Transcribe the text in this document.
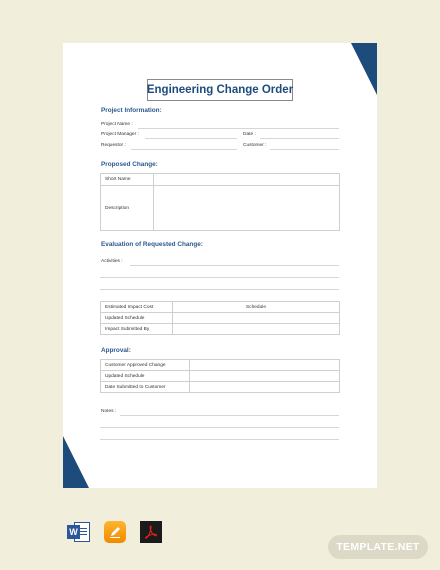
Engineering Change Order
Project Information:
Project Name :
Project Manager :	Date :
Requestor :	Customer :
Proposed Change:
Short Name	
Description	
Evaluation of Requested Change:
Activities :
Estimated Impact Cost	Schedule
Updated Schedule	
Impact Submitted By	
Approval:
Customer Approved Change	
Updated Schedule	
Date Submitted to Customer	
Notes :
W
TEMPLATE.NET
